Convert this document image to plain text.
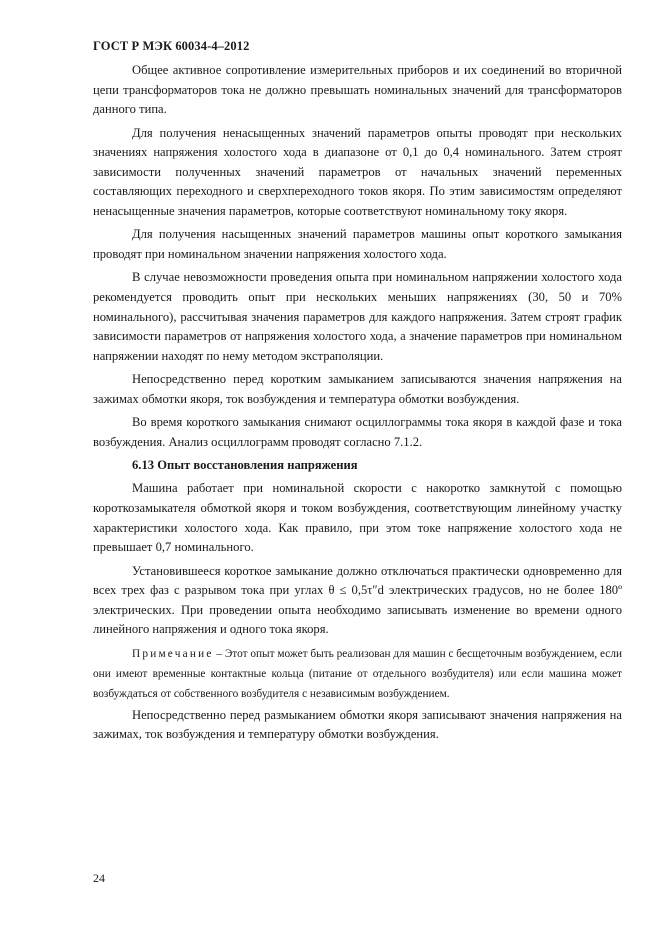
ГОСТ Р МЭК 60034-4–2012

Общее активное сопротивление измерительных приборов и их соединений во вторичной цепи трансформаторов тока не должно превышать номинальных значений для трансформаторов данного типа.

Для получения ненасыщенных значений параметров опыты проводят при нескольких значениях напряжения холостого хода в диапазоне от 0,1 до 0,4 номинального. Затем строят зависимости полученных значений параметров от начальных значений переменных составляющих переходного и сверхпереходного токов якоря. По этим зависимостям определяют ненасыщенные значения параметров, которые соответствуют номинальному току якоря.

Для получения насыщенных значений параметров машины опыт короткого замыкания проводят при номинальном значении напряжения холостого хода.

В случае невозможности проведения опыта при номинальном напряжении холостого хода рекомендуется проводить опыт при нескольких меньших напряжениях (30, 50 и 70% номинального), рассчитывая значения параметров для каждого напряжения. Затем строят график зависимости параметров от напряжения холостого хода, а значение параметров при номинальном напряжении находят по нему методом экстраполяции.

Непосредственно перед коротким замыканием записываются значения напряжения на зажимах обмотки якоря, ток возбуждения и температура обмотки возбуждения.

Во время короткого замыкания снимают осциллограммы тока якоря в каждой фазе и тока возбуждения. Анализ осциллограмм проводят согласно 7.1.2.

6.13 Опыт восстановления напряжения

Машина работает при номинальной скорости с накоротко замкнутой с помощью короткозамыкателя обмоткой якоря и током возбуждения, соответствующим линейному участку характеристики холостого хода. Как правило, при этом токе напряжение холостого хода не превышает 0,7 номинального.

Установившееся короткое замыкание должно отключаться практически одновременно для всех трех фаз с разрывом тока при углах θ ≤ 0,5τ″d электрических градусов, но не более 180º электрических. При проведении опыта необходимо записывать изменение во времени одного линейного напряжения и одного тока якоря.

Примечание – Этот опыт может быть реализован для машин с бесщеточным возбуждением, если они имеют временные контактные кольца (питание от отдельного возбудителя) или если машина может возбуждаться от собственного возбудителя с независимым возбуждением.

Непосредственно перед размыканием обмотки якоря записывают значения напряжения на зажимах, ток возбуждения и температуру обмотки возбуждения.

24
